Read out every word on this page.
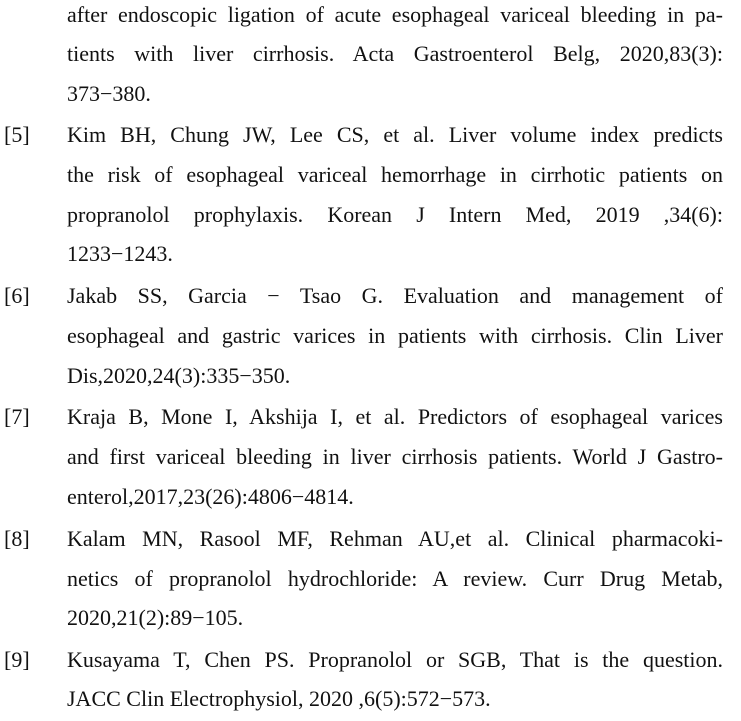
after endoscopic ligation of acute esophageal variceal bleeding in pa-
tients with liver cirrhosis. Acta Gastroenterol Belg, 2020,83(3):
373−380.
[5]	Kim BH, Chung JW, Lee CS, et al. Liver volume index predicts
the risk of esophageal variceal hemorrhage in cirrhotic patients on
propranolol prophylaxis. Korean J Intern Med, 2019 ,34(6):
1233−1243.
[6]	Jakab SS, Garcia − Tsao G. Evaluation and management of
esophageal and gastric varices in patients with cirrhosis. Clin Liver
Dis,2020,24(3):335−350.
[7]	Kraja B, Mone I, Akshija I, et al. Predictors of esophageal varices
and first variceal bleeding in liver cirrhosis patients. World J Gastro-
enterol,2017,23(26):4806−4814.
[8]	Kalam MN, Rasool MF, Rehman AU,et al. Clinical pharmacoki-
netics of propranolol hydrochloride: A review. Curr Drug Metab,
2020,21(2):89−105.
[9]	Kusayama T, Chen PS. Propranolol or SGB, That is the question.
JACC Clin Electrophysiol, 2020 ,6(5):572−573.
